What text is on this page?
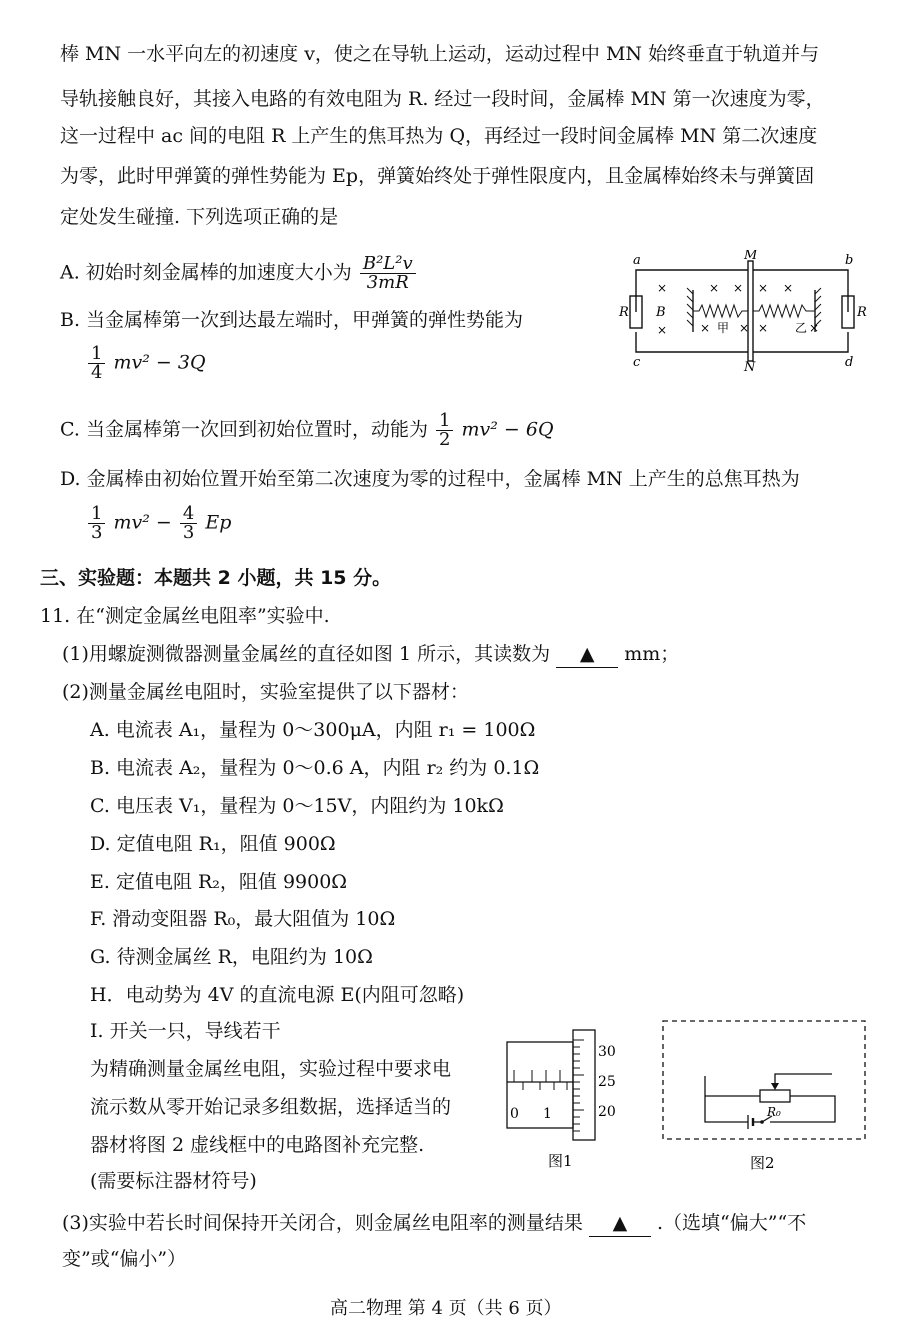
棒 MN 一水平向左的初速度 v，使之在导轨上运动，运动过程中 MN 始终垂直于轨道并与
导轨接触良好，其接入电路的有效电阻为 R. 经过一段时间，金属棒 MN 第一次速度为零，
这一过程中 ac 间的电阻 R 上产生的焦耳热为 Q，再经过一段时间金属棒 MN 第二次速度
为零，此时甲弹簧的弹性势能为 Ep，弹簧始终处于弹性限度内，且金属棒始终未与弹簧固
定处发生碰撞. 下列选项正确的是
A. 初始时刻金属棒的加速度大小为 $\frac{\text{B²L²v}}{3mR}$
B. 当金属棒第一次到达最左端时，甲弹簧的弹性势能为
$\frac{1}{4} mv^2 - 3Q$
C. 当金属棒第一次回到初始位置时，动能为 $\frac{1}{2} mv^2 - 6Q$
D. 金属棒由初始位置开始至第二次速度为零的过程中，金属棒 MN 上产生的总焦耳热为
$\frac{1}{3} mv^2 - \frac{4}{3}$ Ep
三、实验题：本题共 2 小题，共 15 分。
11. 在“测定金属丝电阻率”实验中.
(1)用螺旋测微器测量金属丝的直径如图 1 所示，其读数为 ▲ mm；
(2)测量金属丝电阻时，实验室提供了以下器材：
A. 电流表 A₁，量程为 0～300μA，内阻 r₁ = 100Ω
B. 电流表 A₂，量程为 0～0.6 A，内阻 r₂ 约为 0.1Ω
C. 电压表 V₁，量程为 0～15V，内阻约为 10kΩ
D. 定值电阻 R₁，阻值 900Ω
E. 定值电阻 R₂，阻值 9900Ω
F. 滑动变阻器 R₀，最大阻值为 10Ω
G. 待测金属丝 R，电阻约为 10Ω
H．电动势为 4V 的直流电源 E(内阻可忽略)
I. 开关一只，导线若干
为精确测量金属丝电阻，实验过程中要求电
流示数从零开始记录多组数据，选择适当的
器材将图 2 虚线框中的电路图补充完整.
(需要标注器材符号)
(3)实验中若长时间保持开关闭合，则金属丝电阻率的测量结果 ▲ .（选填“偏大”“不
变”或“偏小”）
高二物理 第 4 页（共 6 页）
a	b
c	d
M
N
R	R
B
甲	乙
×
×
× ×
×
×
× ×
×	×
30
25
20
0 1
图1
R₀
图2
